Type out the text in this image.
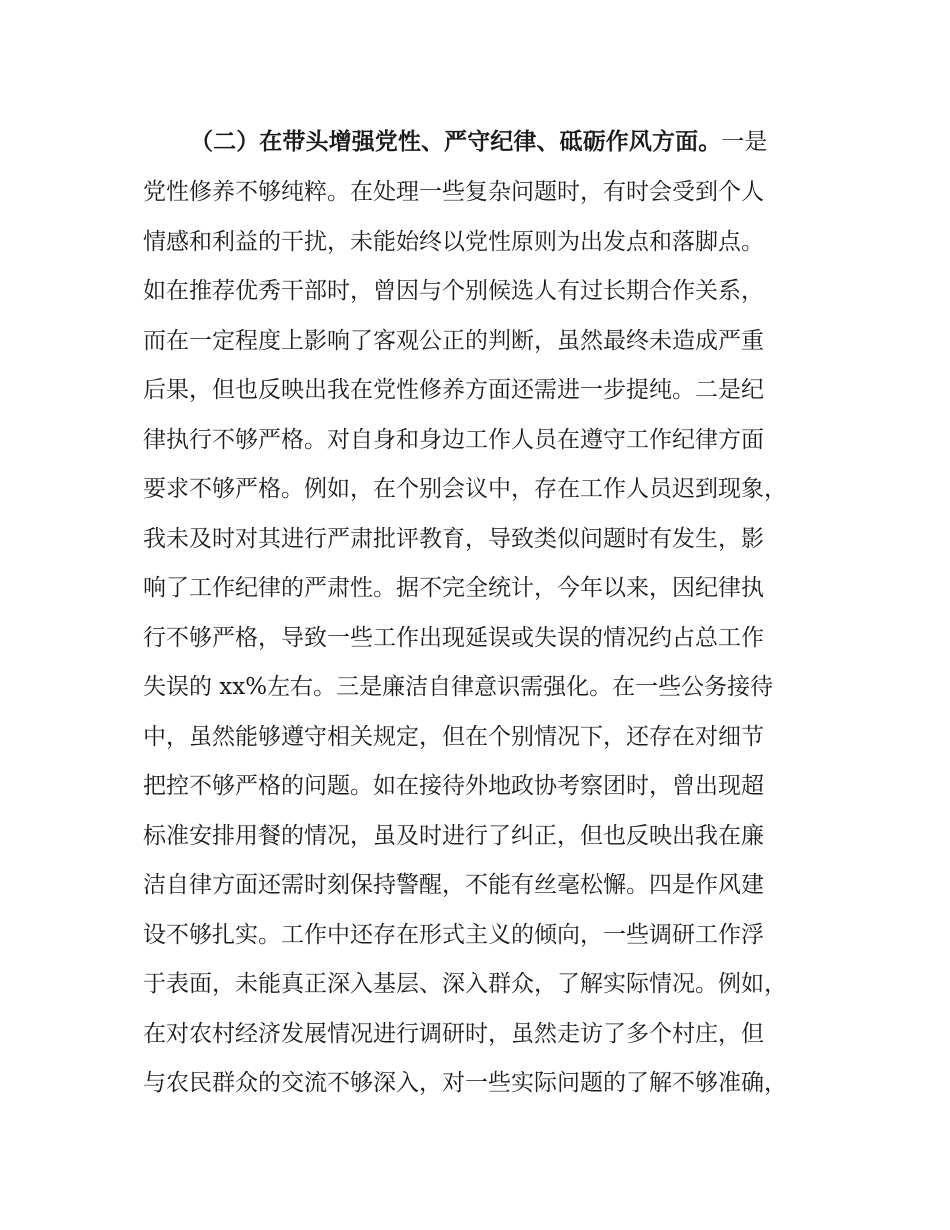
（二）在带头增强党性、严守纪律、砥砺作风方面。一是
党性修养不够纯粹。在处理一些复杂问题时，有时会受到个人
情感和利益的干扰，未能始终以党性原则为出发点和落脚点。
如在推荐优秀干部时，曾因与个别候选人有过长期合作关系，
而在一定程度上影响了客观公正的判断，虽然最终未造成严重
后果，但也反映出我在党性修养方面还需进一步提纯。二是纪
律执行不够严格。对自身和身边工作人员在遵守工作纪律方面
要求不够严格。例如，在个别会议中，存在工作人员迟到现象，
我未及时对其进行严肃批评教育，导致类似问题时有发生，影
响了工作纪律的严肃性。据不完全统计，今年以来，因纪律执
行不够严格，导致一些工作出现延误或失误的情况约占总工作
失误的 xx%左右。三是廉洁自律意识需强化。在一些公务接待
中，虽然能够遵守相关规定，但在个别情况下，还存在对细节
把控不够严格的问题。如在接待外地政协考察团时，曾出现超
标准安排用餐的情况，虽及时进行了纠正，但也反映出我在廉
洁自律方面还需时刻保持警醒，不能有丝毫松懈。四是作风建
设不够扎实。工作中还存在形式主义的倾向，一些调研工作浮
于表面，未能真正深入基层、深入群众，了解实际情况。例如，
在对农村经济发展情况进行调研时，虽然走访了多个村庄，但
与农民群众的交流不够深入，对一些实际问题的了解不够准确，
